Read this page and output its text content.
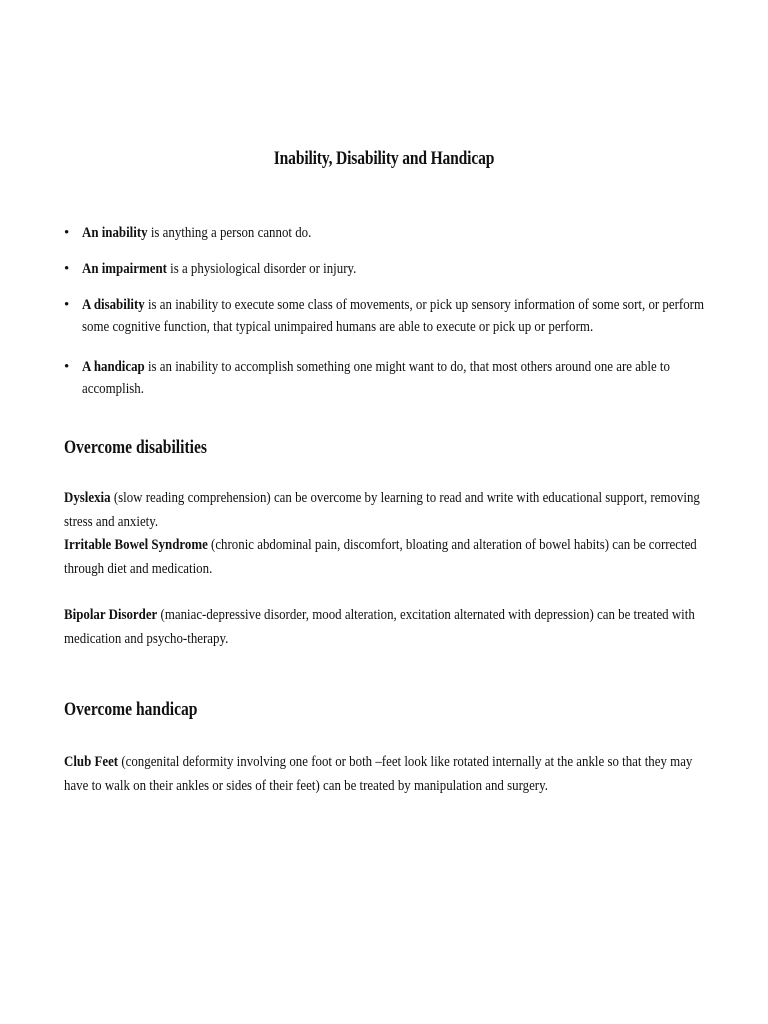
Inability, Disability and Handicap
• An inability is anything a person cannot do.
• An impairment is a physiological disorder or injury.
• A disability is an inability to execute some class of movements, or pick up sensory information of some sort, or perform some cognitive function, that typical unimpaired humans are able to execute or pick up or perform.
• A handicap is an inability to accomplish something one might want to do, that most others around one are able to accomplish.
Overcome disabilities
Dyslexia (slow reading comprehension) can be overcome by learning to read and write with educational support, removing stress and anxiety.
Irritable Bowel Syndrome (chronic abdominal pain, discomfort, bloating and alteration of bowel habits) can be corrected through diet and medication.
Bipolar Disorder (maniac-depressive disorder, mood alteration, excitation alternated with depression) can be treated with medication and psycho-therapy.
Overcome handicap
Club Feet (congenital deformity involving one foot or both –feet look like rotated internally at the ankle so that they may have to walk on their ankles or sides of their feet) can be treated by manipulation and surgery.
